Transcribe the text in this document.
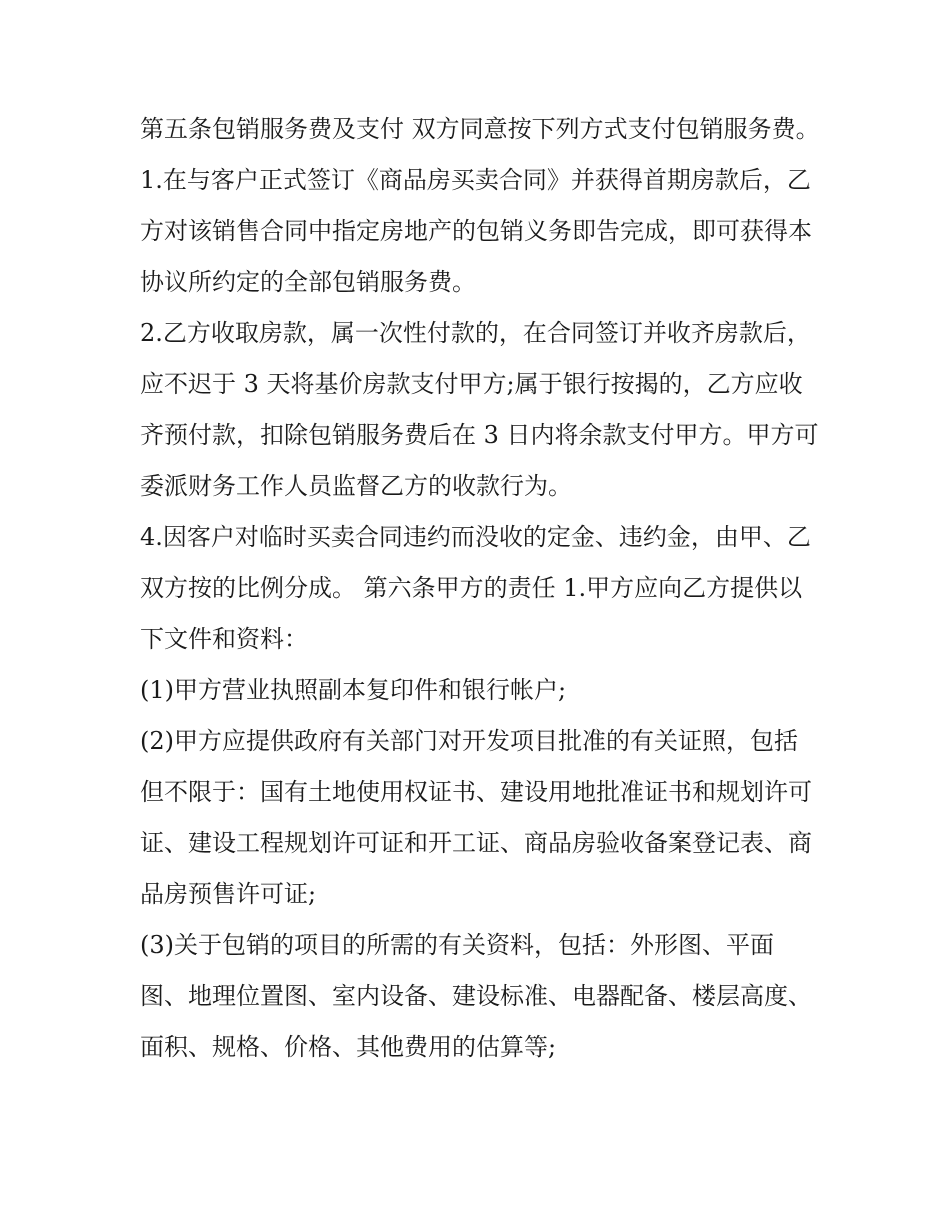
第五条包销服务费及支付 双方同意按下列方式支付包销服务费。

1.在与客户正式签订《商品房买卖合同》并获得首期房款后，乙方对该销售合同中指定房地产的包销义务即告完成，即可获得本协议所约定的全部包销服务费。

2.乙方收取房款，属一次性付款的，在合同签订并收齐房款后，应不迟于 3 天将基价房款支付甲方;属于银行按揭的，乙方应收齐预付款，扣除包销服务费后在 3 日内将余款支付甲方。甲方可委派财务工作人员监督乙方的收款行为。

4.因客户对临时买卖合同违约而没收的定金、违约金，由甲、乙双方按的比例分成。 第六条甲方的责任 1.甲方应向乙方提供以下文件和资料：

(1)甲方营业执照副本复印件和银行帐户;

(2)甲方应提供政府有关部门对开发项目批准的有关证照，包括但不限于：国有土地使用权证书、建设用地批准证书和规划许可证、建设工程规划许可证和开工证、商品房验收备案登记表、商品房预售许可证;

(3)关于包销的项目的所需的有关资料，包括：外形图、平面图、地理位置图、室内设备、建设标准、电器配备、楼层高度、面积、规格、价格、其他费用的估算等;
